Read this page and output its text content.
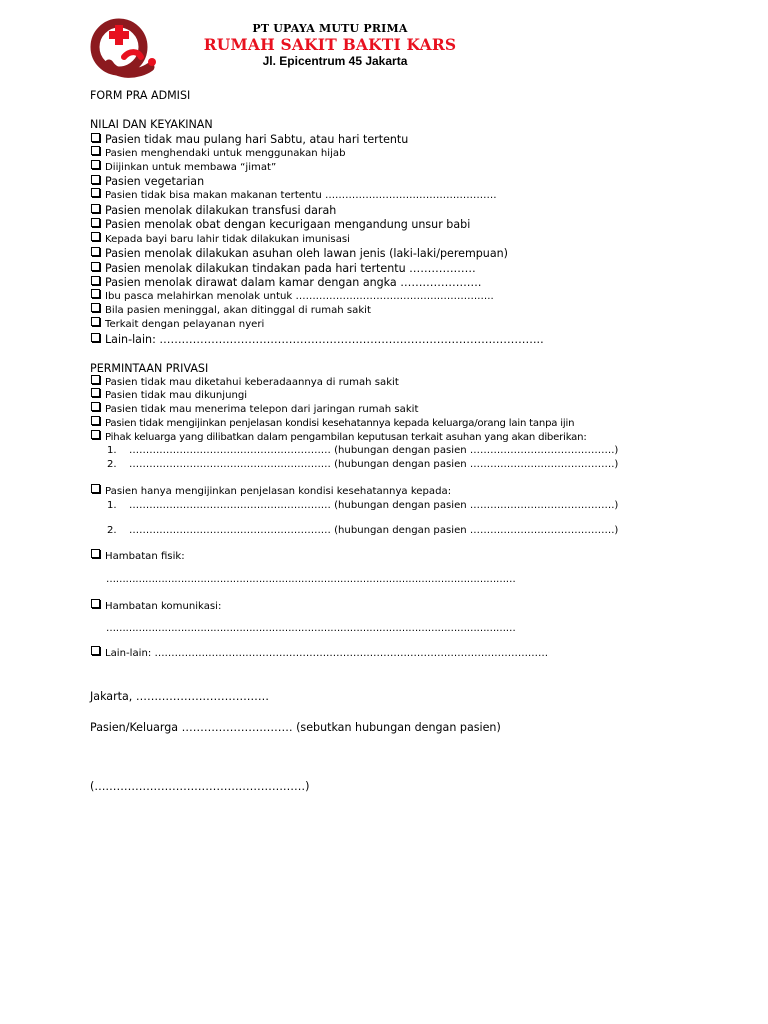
PT UPAYA MUTU PRIMA
RUMAH SAKIT BAKTI KARS
Jl. Epicentrum 45 Jakarta
FORM PRA ADMISI
NILAI DAN KEYAKINAN
Pasien tidak mau pulang hari Sabtu, atau hari tertentu
Pasien menghendaki untuk menggunakan hijab
Diijinkan untuk membawa “jimat”
Pasien vegetarian
Pasien tidak bisa makan makanan tertentu ……………………………………………
Pasien menolak dilakukan transfusi darah
Pasien menolak obat dengan kecurigaan mengandung unsur babi
Kepada bayi baru lahir tidak dilakukan imunisasi
Pasien menolak dilakukan asuhan oleh lawan jenis (laki-laki/perempuan)
Pasien menolak dilakukan tindakan pada hari tertentu ………………
Pasien menolak dirawat dalam kamar dengan angka ………………….
Ibu pasca melahirkan menolak untuk …………………………………………………..
Bila pasien meninggal, akan ditinggal di rumah sakit
Terkait dengan pelayanan nyeri
Lain-lain: …………………………………………………………………………………………..
PERMINTAAN PRIVASI
Pasien tidak mau diketahui keberadaannya di rumah sakit
Pasien tidak mau dikunjungi
Pasien tidak mau menerima telepon dari jaringan rumah sakit
Pasien tidak mengijinkan penjelasan kondisi kesehatannya kepada keluarga/orang lain tanpa ijin
Pihak keluarga yang dilibatkan dalam pengambilan keputusan terkait asuhan yang akan diberikan:
1. …………………………………………………… (hubungan dengan pasien …………………………………….)
2. …………………………………………………… (hubungan dengan pasien …………………………………….)
Pasien hanya mengijinkan penjelasan kondisi kesehatannya kepada:
1. …………………………………………………… (hubungan dengan pasien …………………………………….)
2. …………………………………………………… (hubungan dengan pasien …………………………………….)
Hambatan fisik:
………………………………………………………………………………………………………………
Hambatan komunikasi:
………………………………………………………………………………………………………………
Lain-lain: ………………………………………………………………………………………………………
Jakarta, ………………………………
Pasien/Keluarga ………………………… (sebutkan hubungan dengan pasien)
(…………………………………………………)
